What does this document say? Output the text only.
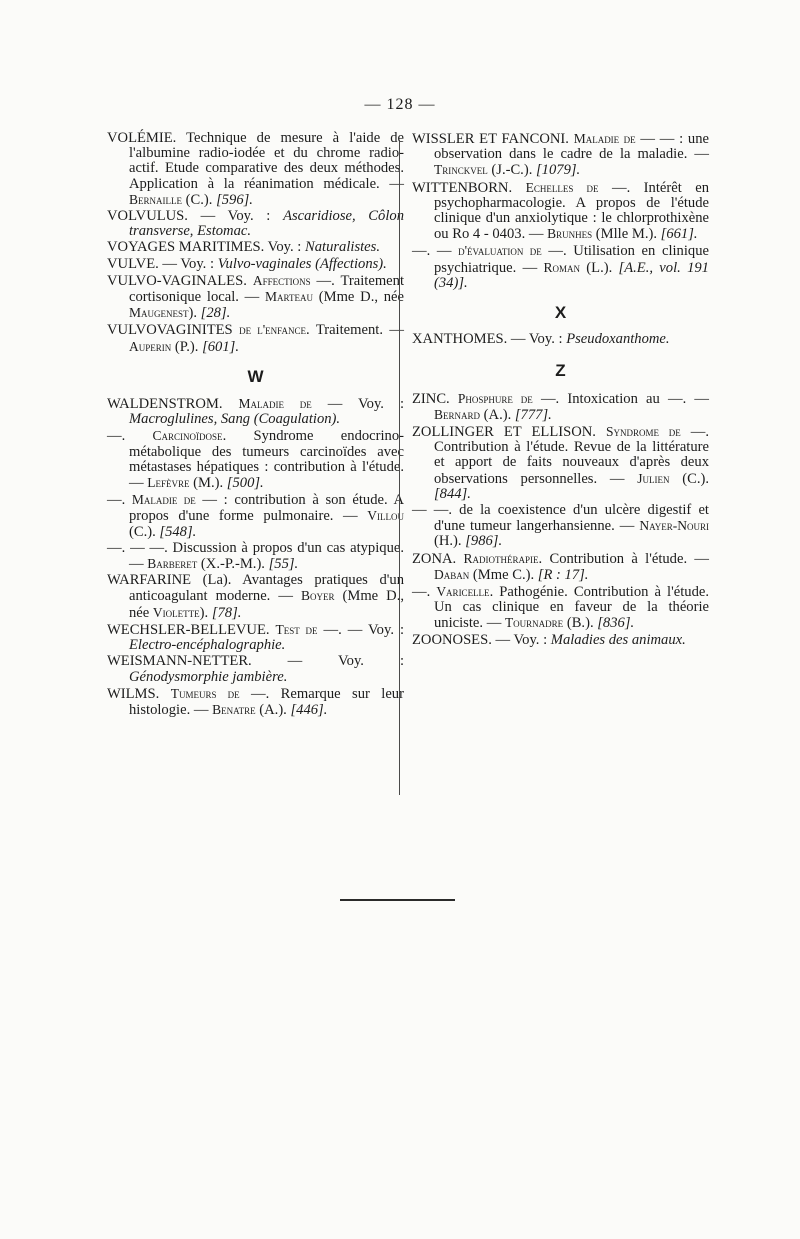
— 128 —

VOLÉMIE. Technique de mesure à l'aide de l'albumine radio-iodée et du chrome radio-actif. Etude comparative des deux méthodes. Application à la réanimation médicale. — Bernaille (C.). [596].

VOLVULUS. — Voy. : Ascaridiose, Côlon transverse, Estomac.

VOYAGES MARITIMES. Voy. : Naturalistes.

VULVE. — Voy. : Vulvo-vaginales (Affections).

VULVO-VAGINALES. Affections —. Traitement cortisonique local. — Marteau (Mme D., née Maugenest). [28].

VULVOVAGINITES de l'enfance. Traitement. — Auperin (P.). [601].

W

WALDENSTROM. Maladie de — Voy. : Macroglulines, Sang (Coagulation).

—. Carcinoïdose. Syndrome endocrino-métabolique des tumeurs carcinoïdes avec métastases hépatiques : contribution à l'étude. — Lefèvre (M.). [500].

—. Maladie de — : contribution à son étude. A propos d'une forme pulmonaire. — Villou (C.). [548].

—. — —. Discussion à propos d'un cas atypique. — Barberet (X.-P.-M.). [55].

WARFARINE (La). Avantages pratiques d'un anticoagulant moderne. — Boyer (Mme D., née Violette). [78].

WECHSLER-BELLEVUE. Test de —. — Voy. : Electro-encéphalographie.

WEISMANN-NETTER. — Voy. : Génodysmorphie jambière.

WILMS. Tumeurs de —. Remarque sur leur histologie. — Benatre (A.). [446].

WISSLER ET FANCONI. Maladie de — — : une observation dans le cadre de la maladie. — Trinckvel (J.-C.). [1079].

WITTENBORN. Echelles de —. Intérêt en psychopharmacologie. A propos de l'étude clinique d'un anxiolytique : le chlorprothixène ou Ro 4 - 0403. — Brunhes (Mlle M.). [661].

—. — d'évaluation de —. Utilisation en clinique psychiatrique. — Roman (L.). [A.E., vol. 191 (34)].

X

XANTHOMES. — Voy. : Pseudoxanthome.

Z

ZINC. Phosphure de —. Intoxication au —. — Bernard (A.). [777].

ZOLLINGER ET ELLISON. Syndrome de —. Contribution à l'étude. Revue de la littérature et apport de faits nouveaux d'après deux observations personnelles. — Julien (C.). [844].

— —. de la coexistence d'un ulcère digestif et d'une tumeur langerhansienne. — Nayer-Nouri (H.). [986].

ZONA. Radiothérapie. Contribution à l'étude. — Daban (Mme C.). [R : 17].

—. Varicelle. Pathogénie. Contribution à l'étude. Un cas clinique en faveur de la théorie uniciste. — Tournadre (B.). [836].

ZOONOSES. — Voy. : Maladies des animaux.
